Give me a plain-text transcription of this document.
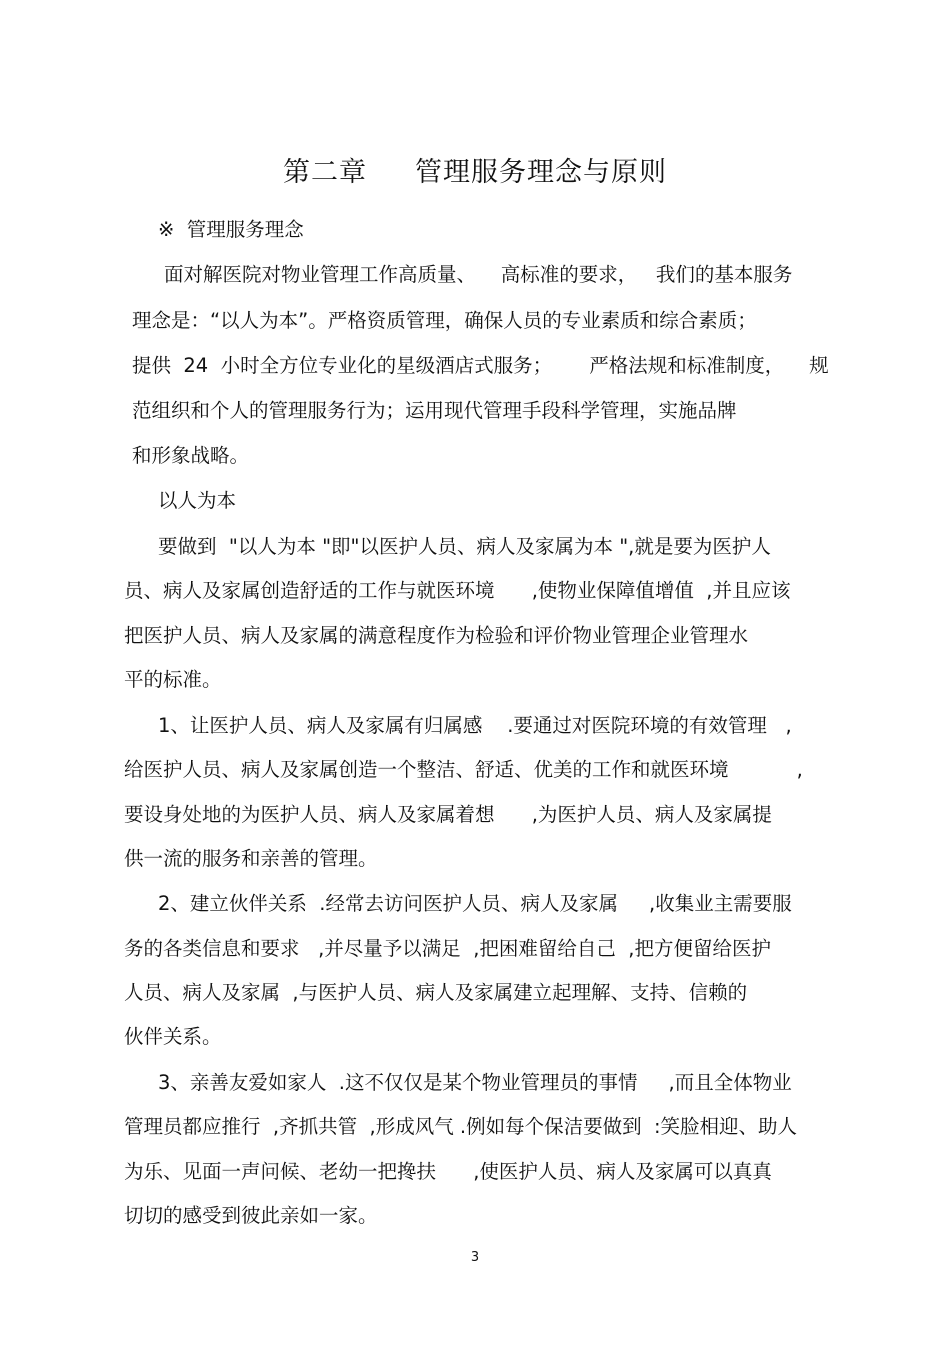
第二章     管理服务理念与原则
※  管理服务理念
面对解医院对物业管理工作高质量、    高标准的要求，   我们的基本服务
理念是：“以人为本”。严格资质管理，确保人员的专业素质和综合素质；
提供  24  小时全方位专业化的星级酒店式服务；      严格法规和标准制度，    规
范组织和个人的管理服务行为；运用现代管理手段科学管理，实施品牌
和形象战略。
以人为本
要做到  "以人为本 "即"以医护人员、病人及家属为本 ",就是要为医护人
员、病人及家属创造舒适的工作与就医环境      ,使物业保障值增值  ,并且应该
把医护人员、病人及家属的满意程度作为检验和评价物业管理企业管理水
平的标准。
1、让医护人员、病人及家属有归属感    .要通过对医院环境的有效管理   ,
给医护人员、病人及家属创造一个整洁、舒适、优美的工作和就医环境           ,
要设身处地的为医护人员、病人及家属着想      ,为医护人员、病人及家属提
供一流的服务和亲善的管理。
2、建立伙伴关系  .经常去访问医护人员、病人及家属     ,收集业主需要服
务的各类信息和要求   ,并尽量予以满足  ,把困难留给自己  ,把方便留给医护
人员、病人及家属  ,与医护人员、病人及家属建立起理解、支持、信赖的
伙伴关系。
3、亲善友爱如家人  .这不仅仅是某个物业管理员的事情     ,而且全体物业
管理员都应推行  ,齐抓共管  ,形成风气 .例如每个保洁要做到  :笑脸相迎、助人
为乐、见面一声问候、老幼一把搀扶      ,使医护人员、病人及家属可以真真
切切的感受到彼此亲如一家。
3
